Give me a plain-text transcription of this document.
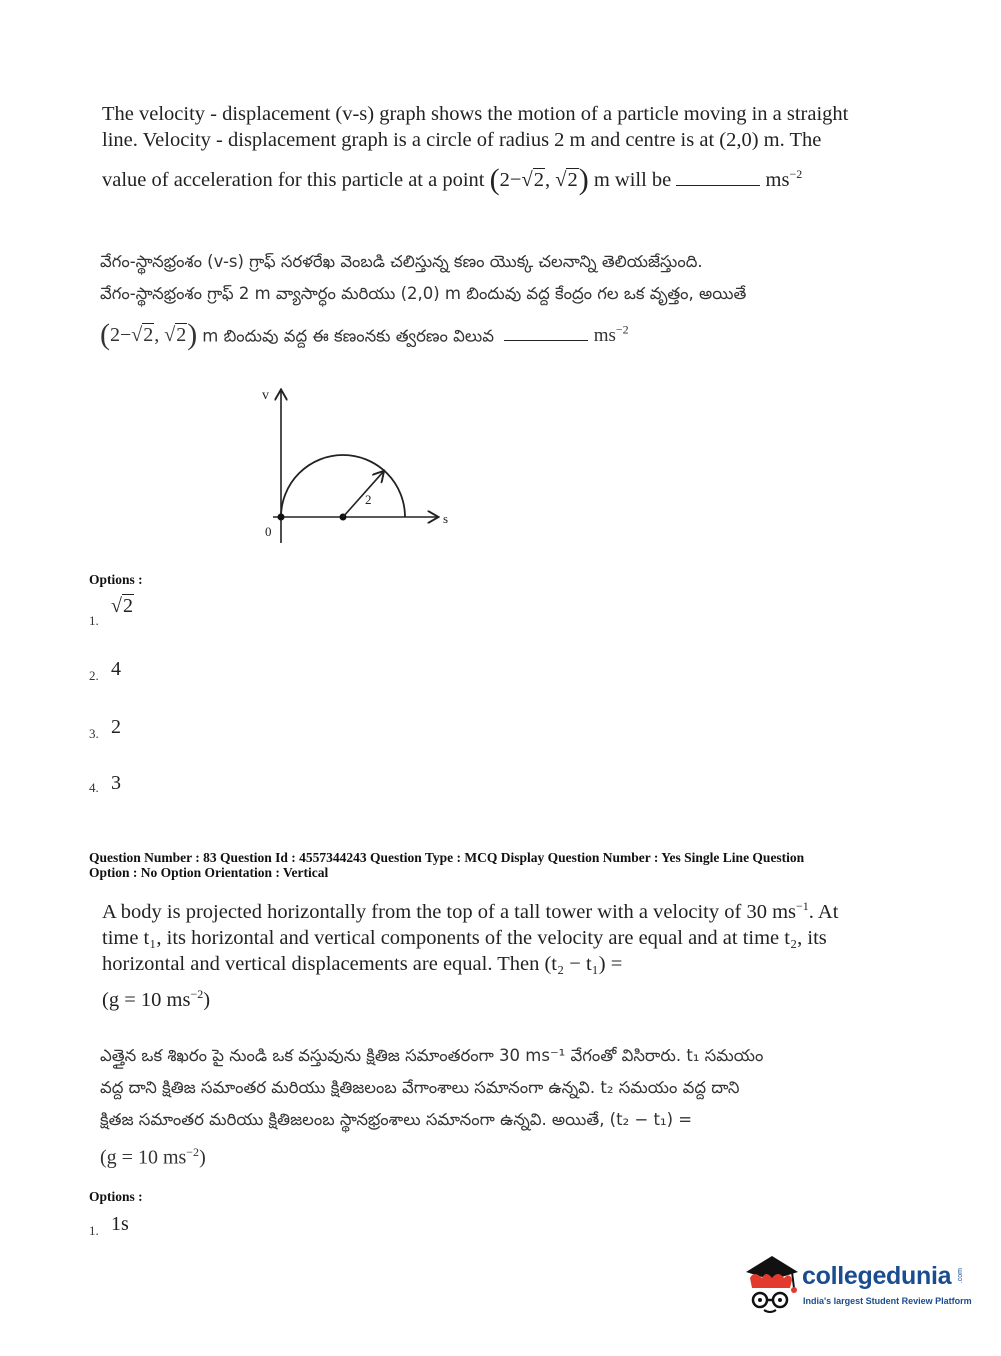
The velocity - displacement (v-s) graph shows the motion of a particle moving in a straight
line. Velocity - displacement graph is a circle of radius 2 m and centre is at (2,0) m. The
value of acceleration for this particle at a point (2−√2, √2) m will be	$ms^{-2}$
వేగం-స్థానభ్రంశం (v-s) గ్రాఫ్ సరళరేఖ వెంబడి చలిస్తున్న కణం యొక్క చలనాన్ని తెలియజేస్తుంది.
వేగం-స్థానభ్రంశం గ్రాఫ్ 2 m వ్యాసార్ధం మరియు (2,0) m బిందువు వద్ద కేంద్రం గల ఒక వృత్తం, అయితే
(2−√2, √2) m బిందువు వద్ద ఈ కణంనకు త్వరణం విలువ	$ms^{-2}$
v
s
0
2
Options :
1.
√2
2. 4
3. 2
4. 3
Question Number : 83 Question Id : 4557344243 Question Type : MCQ Display Question Number : Yes Single Line Question
Option : No Option Orientation : Vertical
A body is projected horizontally from the top of a tall tower with a velocity of 30 $ms^{-1}$. At
time t₁, its horizontal and vertical components of the velocity are equal and at time t₂, its
horizontal and vertical displacements are equal. Then (t₂ − t₁) =
(g = 10 $ms^{-2}$)
ఎత్తైన ఒక శిఖరం పై నుండి ఒక వస్తువును క్షితిజ సమాంతరంగా 30 ms⁻¹ వేగంతో విసిరారు. t₁ సమయం
వద్ద దాని క్షితిజ సమాంతర మరియు క్షితిజలంబ వేగాంశాలు సమానంగా ఉన్నవి. t₂ సమయం వద్ద దాని
క్షితజ సమాంతర మరియు క్షితిజలంబ స్థానభ్రంశాలు సమానంగా ఉన్నవి. అయితే, (t₂ − t₁) =
(g = 10 $ms^{-2}$)
Options :
1. 1s
collegedunia .com
India's largest Student Review Platform
